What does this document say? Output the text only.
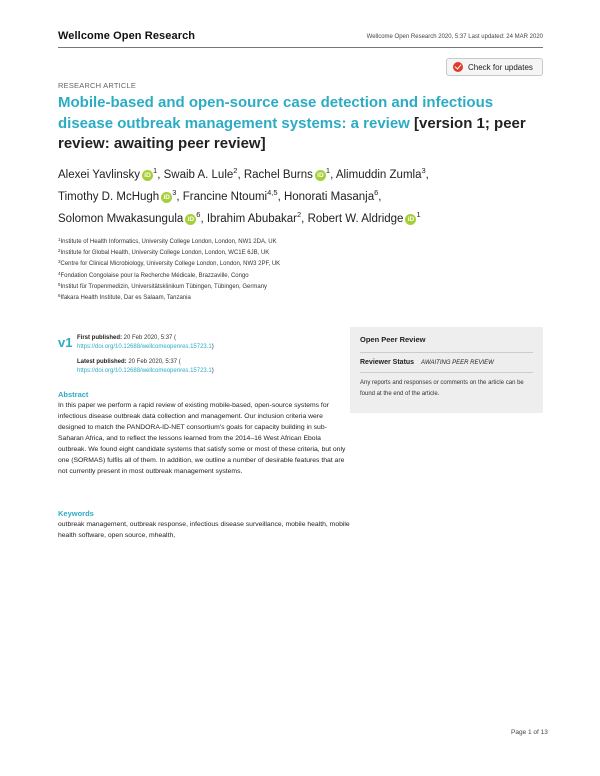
Wellcome Open Research	Wellcome Open Research 2020, 5:37 Last updated: 24 MAR 2020
Check for updates
RESEARCH ARTICLE
Mobile-based and open-source case detection and infectious disease outbreak management systems: a review [version 1; peer review: awaiting peer review]
Alexei Yavlinsky $iD^1$, Swaib A. Lule$^2$, Rachel Burns $iD^1$, Alimuddin Zumla$^3$,
Timothy D. McHugh $iD^3$, Francine Ntoumi$^{4,5}$, Honorati Masanja$^6$,
Solomon Mwakasungula $iD^6$, Ibrahim Abubakar$^2$, Robert W. Aldridge $iD^1$
$^1$Institute of Health Informatics, University College London, London, NW1 2DA, UK
$^2$Institute for Global Health, University College London, London, WC1E 6JB, UK
$^3$Centre for Clinical Microbiology, University College London, London, NW3 2PF, UK
$^4$Fondation Congolaise pour la Recherche Médicale, Brazzaville, Congo
$^5$Institut für Tropenmedizin, Universitätsklinikum Tübingen, Tübingen, Germany
$^6$Ifakara Health Institute, Dar es Salaam, Tanzania
v1 First published: 20 Feb 2020, 5:37 (
https://doi.org/10.12688/wellcomeopenres.15723.1)
Latest published: 20 Feb 2020, 5:37 (
https://doi.org/10.12688/wellcomeopenres.15723.1)
Open Peer Review
Reviewer Status AWAITING PEER REVIEW
Any reports and responses or comments on the article can be found at the end of the article.
Abstract
In this paper we perform a rapid review of existing mobile-based, open-source systems for infectious disease outbreak data collection and management. Our inclusion criteria were designed to match the PANDORA-ID-NET consortium's goals for capacity building in sub-Saharan Africa, and to reflect the lessons learned from the 2014–16 West African Ebola outbreak. We found eight candidate systems that satisfy some or most of these criteria, but only one (SORMAS) fulfils all of them. In addition, we outline a number of desirable features that are not currently present in most outbreak management systems.
Keywords
outbreak management, outbreak response, infectious disease surveillance, mobile health, mobile health software, open source, mhealth,
Page 1 of 13
